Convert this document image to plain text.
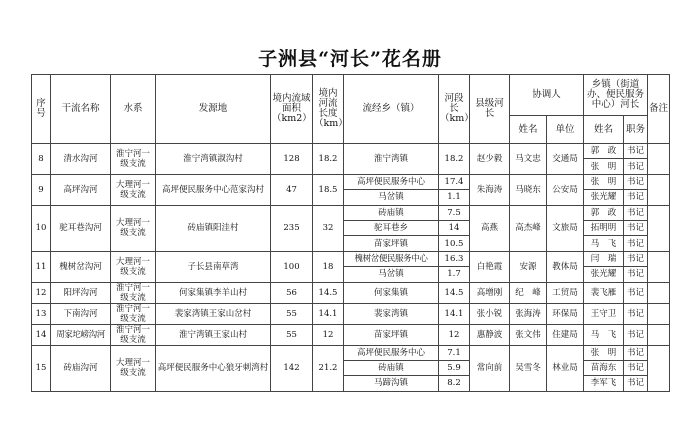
子洲县“河长”花名册
序号	干流名称	水系	发源地	境内流域面积（km2）	境内河流长度（km）	流经乡（镇）	河段长（km）	县级河长	协调人		乡镇（街道办、便民服务中心）河长		备注
									姓名	单位	姓名	职务	
8	清水沟河	淮宁河一级支流	淮宁湾镇淑沟村	128	18.2	淮宁湾镇	18.2	赵少毅	马文忠	交通局	郭　政	书记	
											张　明	书记	
9	高坪沟河	大理河一级支流	高坪便民服务中心范家沟村	47	18.5	高坪便民服务中心	17.4	朱海涛	马晓东	公安局	张　明	书记	
						马岔镇	1.1				张光耀	书记	
10	驼耳巷沟河	大理河一级支流	砖庙镇阳洼村	235	32	砖庙镇	7.5	高燕	高杰峰	文旅局	郭　政	书记	
						驼耳巷乡	14				拓明明	书记	
						苗家坪镇	10.5				马　飞	书记	
11	槐树岔沟河	大理河一级支流	子长县南草湾	100	18	槐树岔便民服务中心	16.3	白艳霞	安源	教体局	闫　瑞	书记	
						马岔镇	1.7				张光耀	书记	
12	阳坪沟河	淮宁河一级支流	何家集镇李羊山村	56	14.5	何家集镇	14.5	高增刚	纪　峰	工贸局	裴飞雁	书记	
13	下南沟河	淮宁河一级支流	裴家湾镇王家山岔村	55	14.1	裴家湾镇	14.1	张小锐	张海涛	环保局	王守卫	书记	
14	周家坨嵭沟河	淮宁河一级支流	淮宁湾镇王家山村	55	12	苗家坪镇	12	惠静波	张文伟	住建局	马　飞	书记	
15	砖庙沟河	大理河一级支流	高坪便民服务中心狼牙刺湾村	142	21.2	高坪便民服务中心	7.1	常向前	吴雪冬	林业局	张　明	书记	
						砖庙镇	5.9				苗海东	书记	
						马蹄沟镇	8.2				李军飞	书记	
